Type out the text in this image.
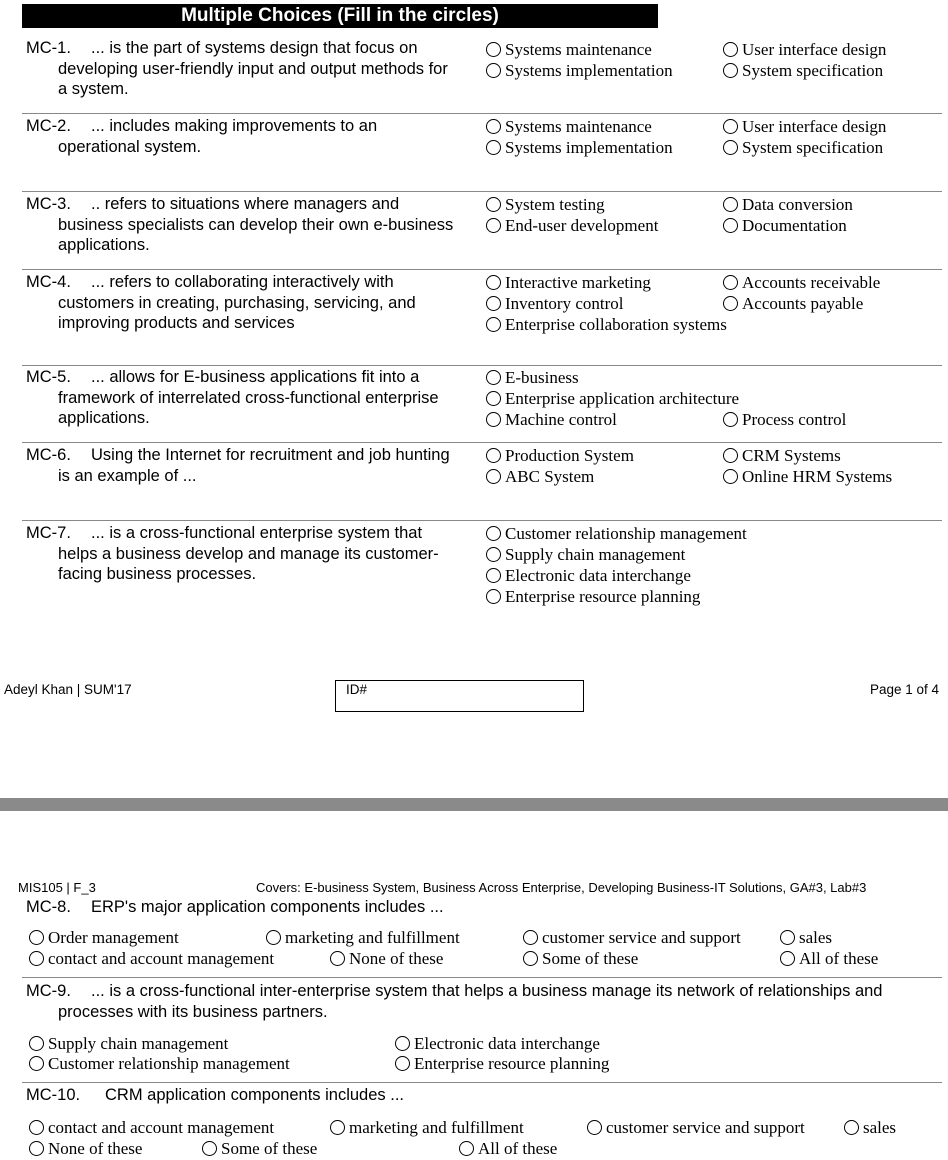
Multiple Choices (Fill in the circles)
MC-1.	... is the part of systems design that focus on developing user-friendly input and output methods for a system.
Systems maintenance	User interface design
Systems implementation	System specification
MC-2.	... includes making improvements to an operational system.
Systems maintenance	User interface design
Systems implementation	System specification
MC-3.	.. refers to situations where managers and business specialists can develop their own e-business applications.
System testing	Data conversion
End-user development	Documentation
MC-4.	... refers to collaborating interactively with customers in creating, purchasing, servicing, and improving products and services
Interactive marketing	Accounts receivable
Inventory control	Accounts payable
Enterprise collaboration systems
MC-5.	... allows for E-business applications fit into a framework of interrelated cross-functional enterprise applications.
E-business
Enterprise application architecture
Machine control	Process control
MC-6.	Using the Internet for recruitment and job hunting is an example of ...
Production System	CRM Systems
ABC System	Online HRM Systems
MC-7.	... is a cross-functional enterprise system that helps a business develop and manage its customer-facing business processes.
Customer relationship management
Supply chain management
Electronic data interchange
Enterprise resource planning
Adeyl Khan | SUM'17	ID#	Page 1 of 4
MIS105 | F_3	Covers: E-business System, Business Across Enterprise, Developing Business-IT Solutions, GA#3, Lab#3
MC-8. ERP's major application components includes ...
Order management	marketing and fulfillment	customer service and support	sales
contact and account management	None of these	Some of these	All of these
MC-9.	... is a cross-functional inter-enterprise system that helps a business manage its network of relationships and processes with its business partners.
Supply chain management	Electronic data interchange
Customer relationship management	Enterprise resource planning
MC-10. CRM application components includes ...
contact and account management	marketing and fulfillment	customer service and support	sales
None of these	Some of these	All of these
